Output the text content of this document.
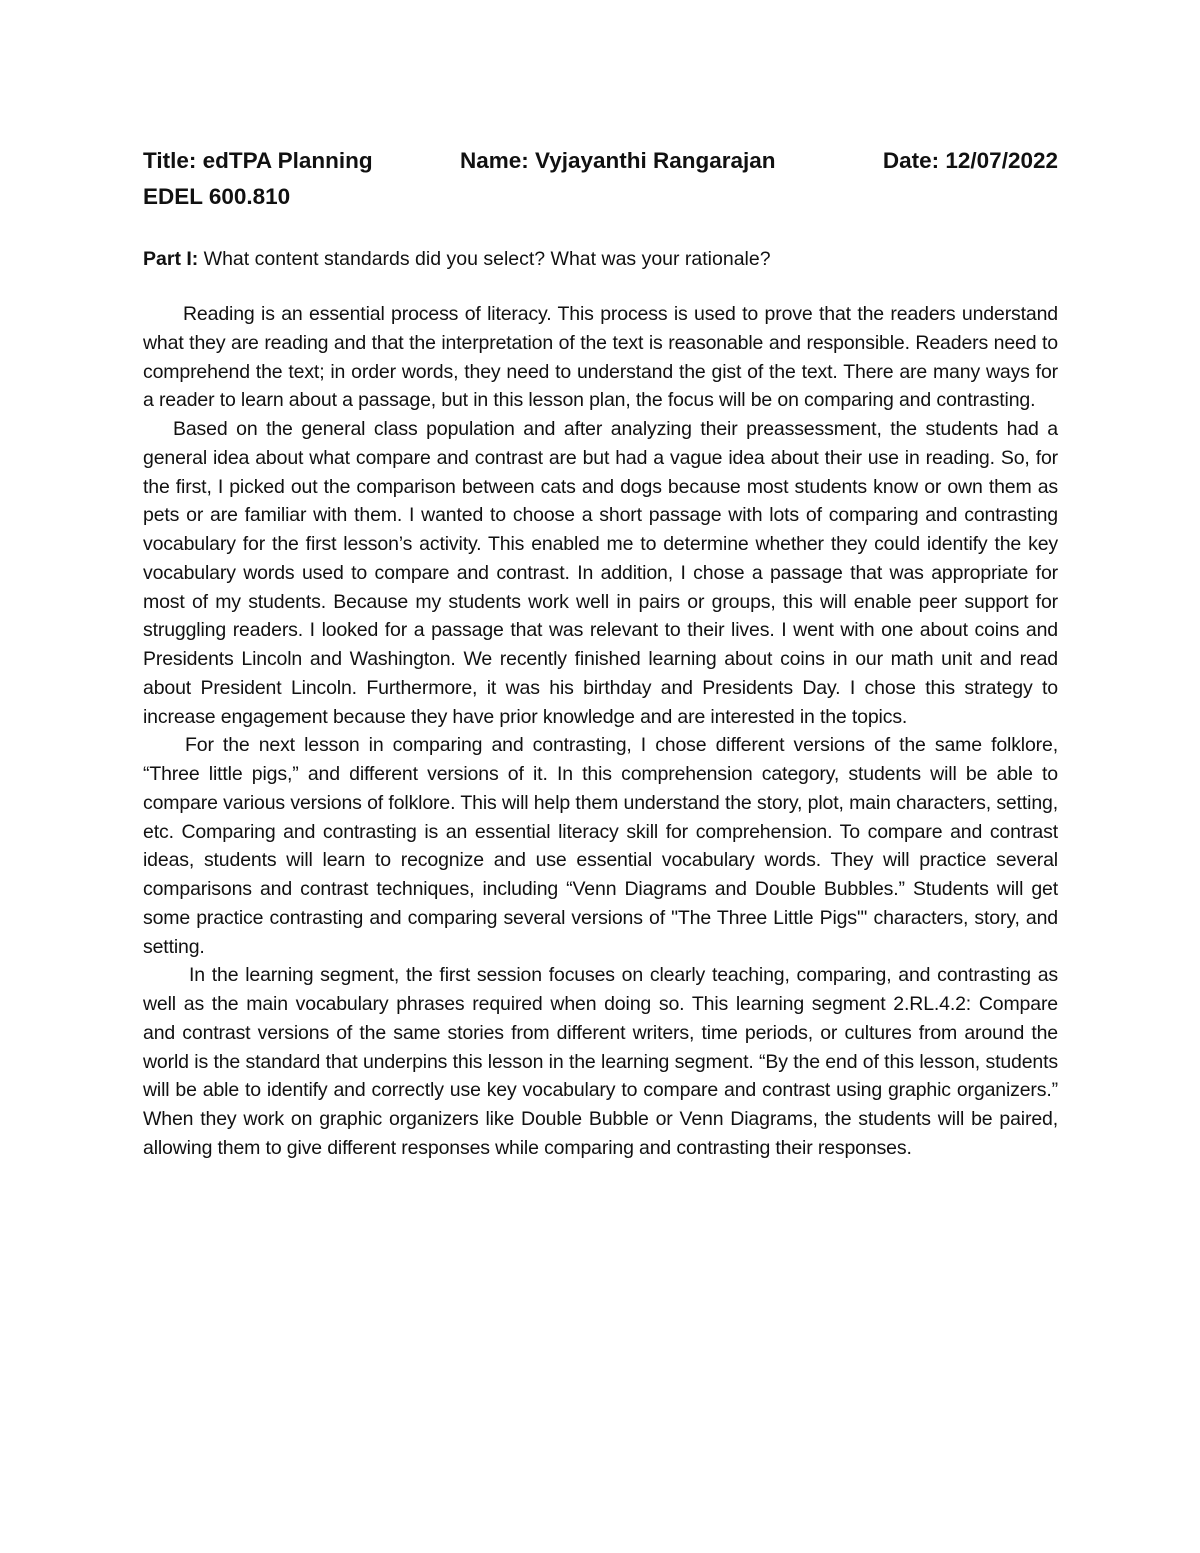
Title: edTPA Planning	Name: Vyjayanthi Rangarajan	Date: 12/07/2022
EDEL 600.810
Part I: What content standards did you select? What was your rationale?

Reading is an essential process of literacy. This process is used to prove that the readers understand what they are reading and that the interpretation of the text is reasonable and responsible. Readers need to comprehend the text; in order words, they need to understand the gist of the text. There are many ways for a reader to learn about a passage, but in this lesson plan, the focus will be on comparing and contrasting.

Based on the general class population and after analyzing their preassessment, the students had a general idea about what compare and contrast are but had a vague idea about their use in reading. So, for the first, I picked out the comparison between cats and dogs because most students know or own them as pets or are familiar with them. I wanted to choose a short passage with lots of comparing and contrasting vocabulary for the first lesson’s activity. This enabled me to determine whether they could identify the key vocabulary words used to compare and contrast. In addition, I chose a passage that was appropriate for most of my students. Because my students work well in pairs or groups, this will enable peer support for struggling readers. I looked for a passage that was relevant to their lives. I went with one about coins and Presidents Lincoln and Washington. We recently finished learning about coins in our math unit and read about President Lincoln. Furthermore, it was his birthday and Presidents Day. I chose this strategy to increase engagement because they have prior knowledge and are interested in the topics.

For the next lesson in comparing and contrasting, I chose different versions of the same folklore, “Three little pigs,” and different versions of it. In this comprehension category, students will be able to compare various versions of folklore. This will help them understand the story, plot, main characters, setting, etc. Comparing and contrasting is an essential literacy skill for comprehension. To compare and contrast ideas, students will learn to recognize and use essential vocabulary words. They will practice several comparisons and contrast techniques, including “Venn Diagrams and Double Bubbles.” Students will get some practice contrasting and comparing several versions of "The Three Little Pigs"' characters, story, and setting.

In the learning segment, the first session focuses on clearly teaching, comparing, and contrasting as well as the main vocabulary phrases required when doing so. This learning segment 2.RL.4.2: Compare and contrast versions of the same stories from different writers, time periods, or cultures from around the world is the standard that underpins this lesson in the learning segment. “By the end of this lesson, students will be able to identify and correctly use key vocabulary to compare and contrast using graphic organizers.” When they work on graphic organizers like Double Bubble or Venn Diagrams, the students will be paired, allowing them to give different responses while comparing and contrasting their responses.
